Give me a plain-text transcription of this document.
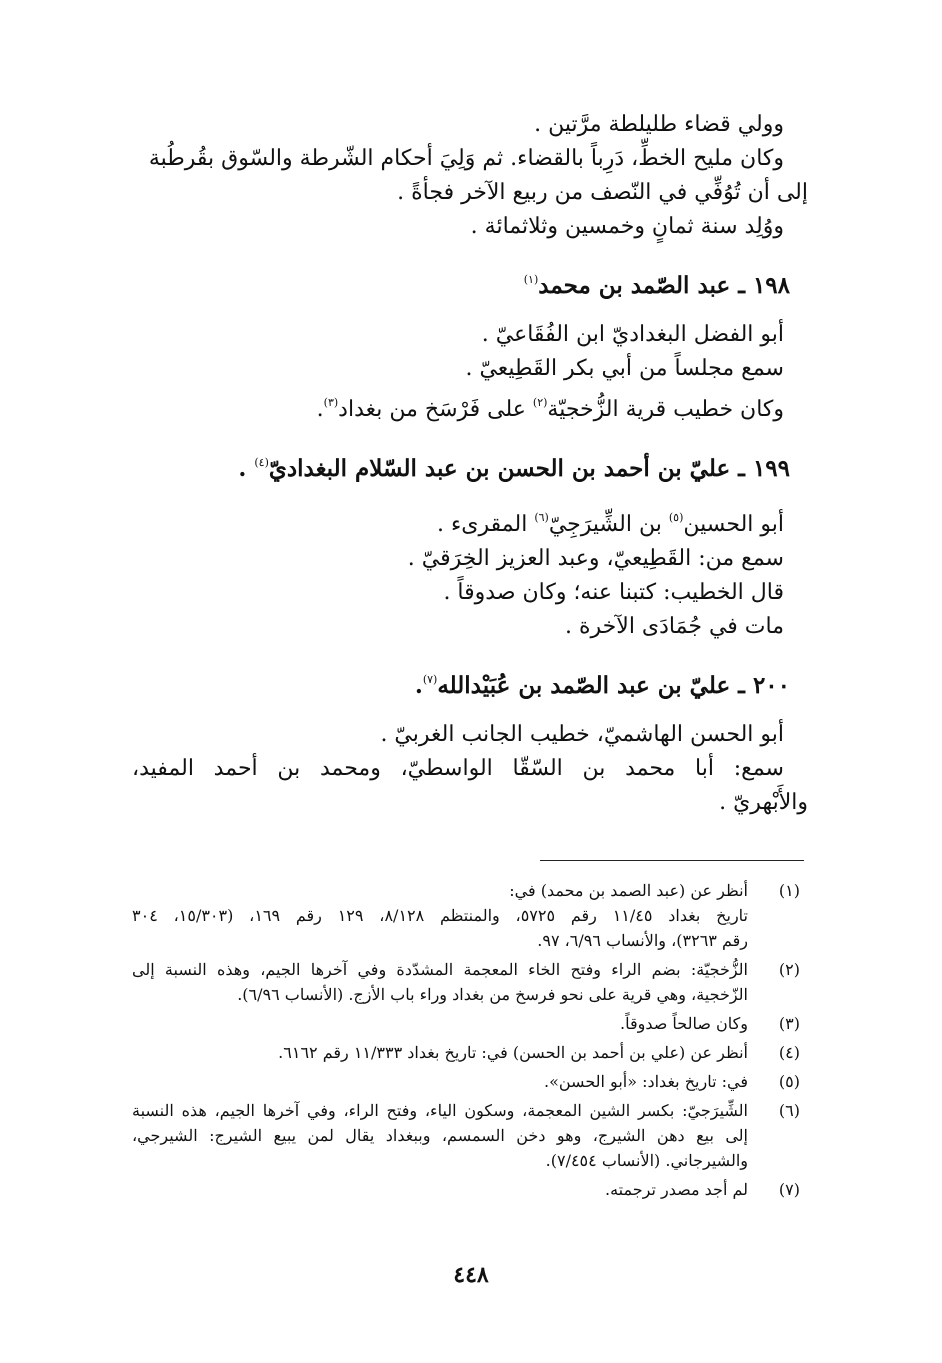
وولي قضاء طليلطة مرَّتين .

وكان مليح الخطِّ، دَرِباً بالقضاء. ثم وَلِيَ أحكام الشّرطة والسّوق بقُرطُبة

إلى أن تُوُفِّي في النّصف من ربيع الآخر فجأةً .

ووُلِد سنة ثمانٍ وخمسين وثلاثمائة .

١٩٨ ـ عبد الصّمد بن محمد$^{(١)}$

أبو الفضل البغداديّ ابن الفُقَاعيّ .

سمع مجلساً من أبي بكر القَطِيعيّ .

وكان خطيب قرية الزُّخجيّة$^{(٢)}$ على فَرْسَخ من بغداد$^{(٣)}$.

١٩٩ ـ عليّ بن أحمد بن الحسن بن عبد السّلام البغداديّ$^{(٤)}$ .

أبو الحسين$^{(٥)}$ بن الشِّيرَجِيّ$^{(٦)}$ المقرىء .

سمع من: القَطِيعيّ، وعبد العزيز الخِرَقيّ .

قال الخطيب: كتبنا عنه؛ وكان صدوقاً .

مات في جُمَادَى الآخرة .

٢٠٠ ـ عليّ بن عبد الصّمد بن عُبَيْدالله$^{(٧)}$.

أبو الحسن الهاشميّ، خطيب الجانب الغربيّ .

سمع: أبا محمد بن السّقّا الواسطيّ، ومحمد بن أحمد المفيد،

والأَبْهريّ .

(١)
أنظر عن (عبد الصمد بن محمد) في:
تاريخ بغداد ١١/٤٥ رقم ٥٧٢٥، والمنتظم ٨/١٢٨، ١٢٩ رقم ١٦٩، (١٥/٣٠٣، ٣٠٤
رقم ٣٢٦٣)، والأنساب ٦/٩٦، ٩٧.
(٢)
الزُّخجيّة: بضم الراء وفتح الخاء المعجمة المشدّدة وفي آخرها الجيم، وهذه النسبة إلى
الزّخجية، وهي قرية على نحو فرسخ من بغداد وراء باب الأزج. (الأنساب ٦/٩٦).
(٣)
وكان صالحاً صدوقاً.
(٤)
أنظر عن (علي بن أحمد بن الحسن) في: تاريخ بغداد ١١/٣٣٣ رقم ٦١٦٢.
(٥)
في: تاريخ بغداد: «أبو الحسن».
(٦)
الشِّيرَجيّ: بكسر الشين المعجمة، وسكون الياء، وفتح الراء، وفي آخرها الجيم، هذه النسبة
إلى بيع دهن الشيرج، وهو دخن السمسم، وببغداد يقال لمن يبيع الشيرج: الشيرجي،
والشيرجاني. (الأنساب ٧/٤٥٤).
(٧)
لم أجد مصدر ترجمته.
٤٤٨
